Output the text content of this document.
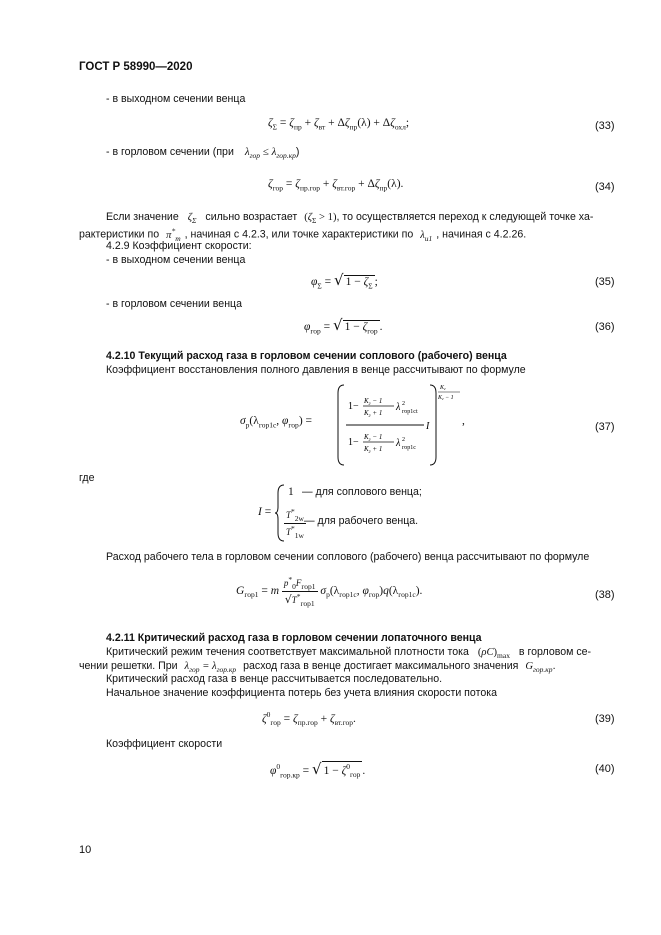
ГОСТ Р 58990—2020
- в выходном сечении венца
$\zeta_\Sigma = \zeta_{пр} + \zeta_{вт} + \Delta\zeta_{пр}(\lambda) + \Delta\zeta_{охл}$;	(33)
- в горловом сечении (при $\lambda_{гор} \le \lambda_{гор.кр}$)
$\zeta_{гор} = \zeta_{пр.гор} + \zeta_{вт.гор} + \Delta\zeta_{пр}(\lambda)$.	(34)
Если значение $\zeta_\Sigma$ сильно возрастает $(\zeta_\Sigma > 1)$, то осуществляется переход к следующей точке ха-
рактеристики по $\pi^*_т$ , начиная с 4.2.3, или точке характеристики по $\lambda_{u1}$ , начиная с 4.2.26.
4.2.9 Коэффициент скорости:
- в выходном сечении венца
$\varphi_\Sigma$ = √ $1 - \zeta_\Sigma$ ;	(35)
- в горловом сечении венца
$\varphi_{гор}$ = √ $1 - \zeta_{гор}$ .	(36)
4.2.10 Текущий расход газа в горловом сечении соплового (рабочего) венца
Коэффициент восстановления полного давления в венце рассчитывают по формуле
$\sigma_р(\lambda_{гор1с}$, $\varphi_{гор}$) =
$1- K_г - 1$
$K_г + 1$ λ 2
гор1ct
$1- K_г - 1$
$K_г + 1$ λ 2
гор1с
I
Kг
Kг − 1
,	(37)
где
I =
1 — для соплового венца;
$\frac{T^*_{2w}}{T^*_{1w}}$
— для рабочего венца.
Расход рабочего тела в горловом сечении соплового (рабочего) венца рассчитывают по формуле
$G_{гор1} = m \frac{p^*_0F_{гор1}}{√T^*_{гор1}} \sigma_р(\lambda_{гор1с}$, $\varphi_{гор})q(\lambda_{гор1с})$.	(38)
4.2.11 Критический расход газа в горловом сечении лопаточного венца
Критический режим течения соответствует максимальной плотности тока $(\rho C)_{max}$ в горловом се-
чении решетки. При $\lambda_{гор} = \lambda_{гор.кр}$ расход газа в венце достигает максимального значения $G_{гор.кр}$.
Критический расход газа в венце рассчитывается последовательно.
Начальное значение коэффициента потерь без учета влияния скорости потока
$\zeta^0_{гор} = \zeta_{пр.гор} + \zeta_{вт.гор}$.	(39)
Коэффициент скорости
$\varphi^0_{гор.кр}$ = √ $1 - \zeta^0_{гор}$ .	(40)
10
